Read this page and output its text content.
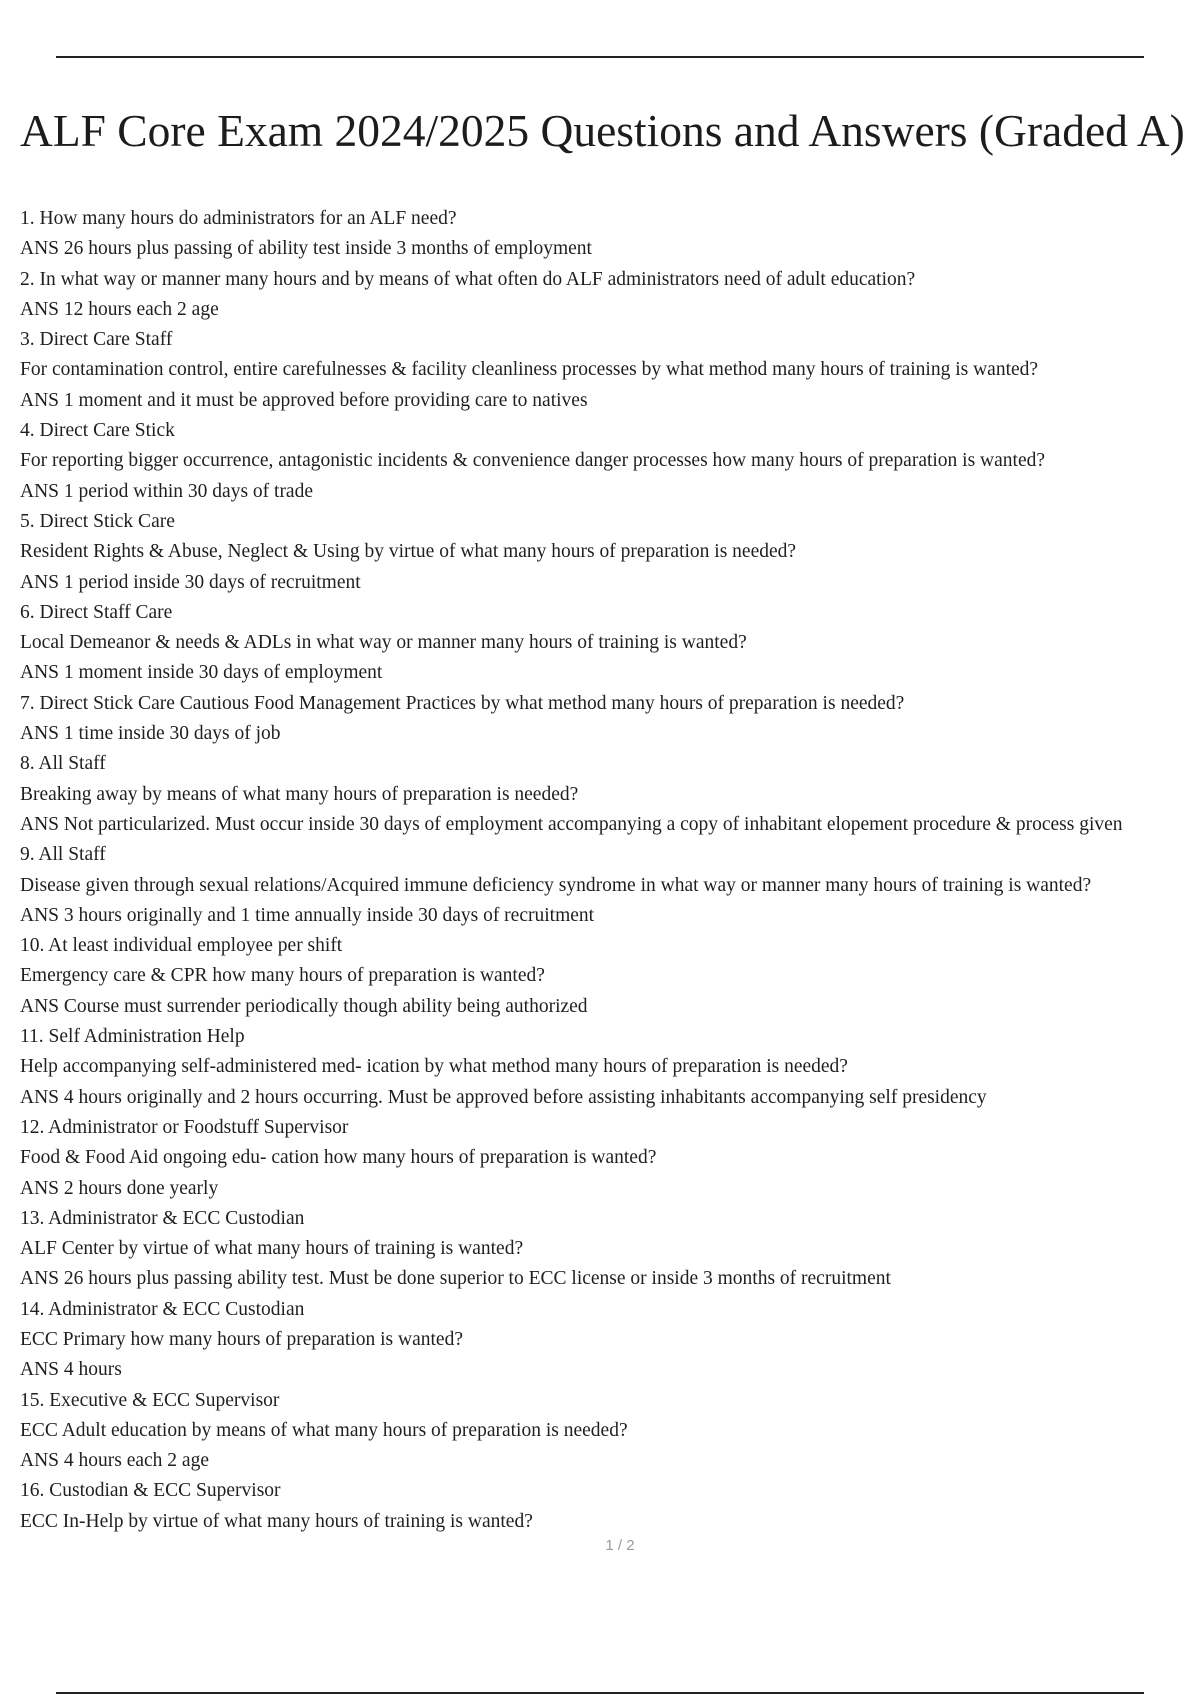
ALF Core Exam 2024/2025 Questions and Answers (Graded A)
1. How many hours do administrators for an ALF need?
ANS 26 hours plus passing of ability test inside 3 months of employment
2. In what way or manner many hours and by means of what often do ALF administrators need of adult education?
ANS 12 hours each 2 age
3. Direct Care Staff
For contamination control, entire carefulnesses & facility cleanliness processes by what method many hours of training is wanted?
ANS 1 moment and it must be approved before providing care to natives
4. Direct Care Stick
For reporting bigger occurrence, antagonistic incidents & convenience danger processes how many hours of preparation is wanted?
ANS 1 period within 30 days of trade
5. Direct Stick Care
Resident Rights & Abuse, Neglect & Using by virtue of what many hours of preparation is needed?
ANS 1 period inside 30 days of recruitment
6. Direct Staff Care
Local Demeanor & needs & ADLs in what way or manner many hours of training is wanted?
ANS 1 moment inside 30 days of employment
7. Direct Stick Care Cautious Food Management Practices by what method many hours of preparation is needed?
ANS 1 time inside 30 days of job
8. All Staff
Breaking away by means of what many hours of preparation is needed?
ANS Not particularized. Must occur inside 30 days of employment accompanying a copy of inhabitant elopement procedure & process given
9. All Staff
Disease given through sexual relations/Acquired immune deficiency syndrome in what way or manner many hours of training is wanted?
ANS 3 hours originally and 1 time annually inside 30 days of recruitment
10. At least individual employee per shift
Emergency care & CPR how many hours of preparation is wanted?
ANS Course must surrender periodically though ability being authorized
11. Self Administration Help
Help accompanying self-administered med- ication by what method many hours of preparation is needed?
ANS 4 hours originally and 2 hours occurring. Must be approved before assisting inhabitants accompanying self presidency
12. Administrator or Foodstuff Supervisor
Food & Food Aid ongoing edu- cation how many hours of preparation is wanted?
ANS 2 hours done yearly
13. Administrator & ECC Custodian
ALF Center by virtue of what many hours of training is wanted?
ANS 26 hours plus passing ability test. Must be done superior to ECC license or inside 3 months of recruitment
14. Administrator & ECC Custodian
ECC Primary how many hours of preparation is wanted?
ANS 4 hours
15. Executive & ECC Supervisor
ECC Adult education by means of what many hours of preparation is needed?
ANS 4 hours each 2 age
16. Custodian & ECC Supervisor
ECC In-Help by virtue of what many hours of training is wanted?
1 / 2
